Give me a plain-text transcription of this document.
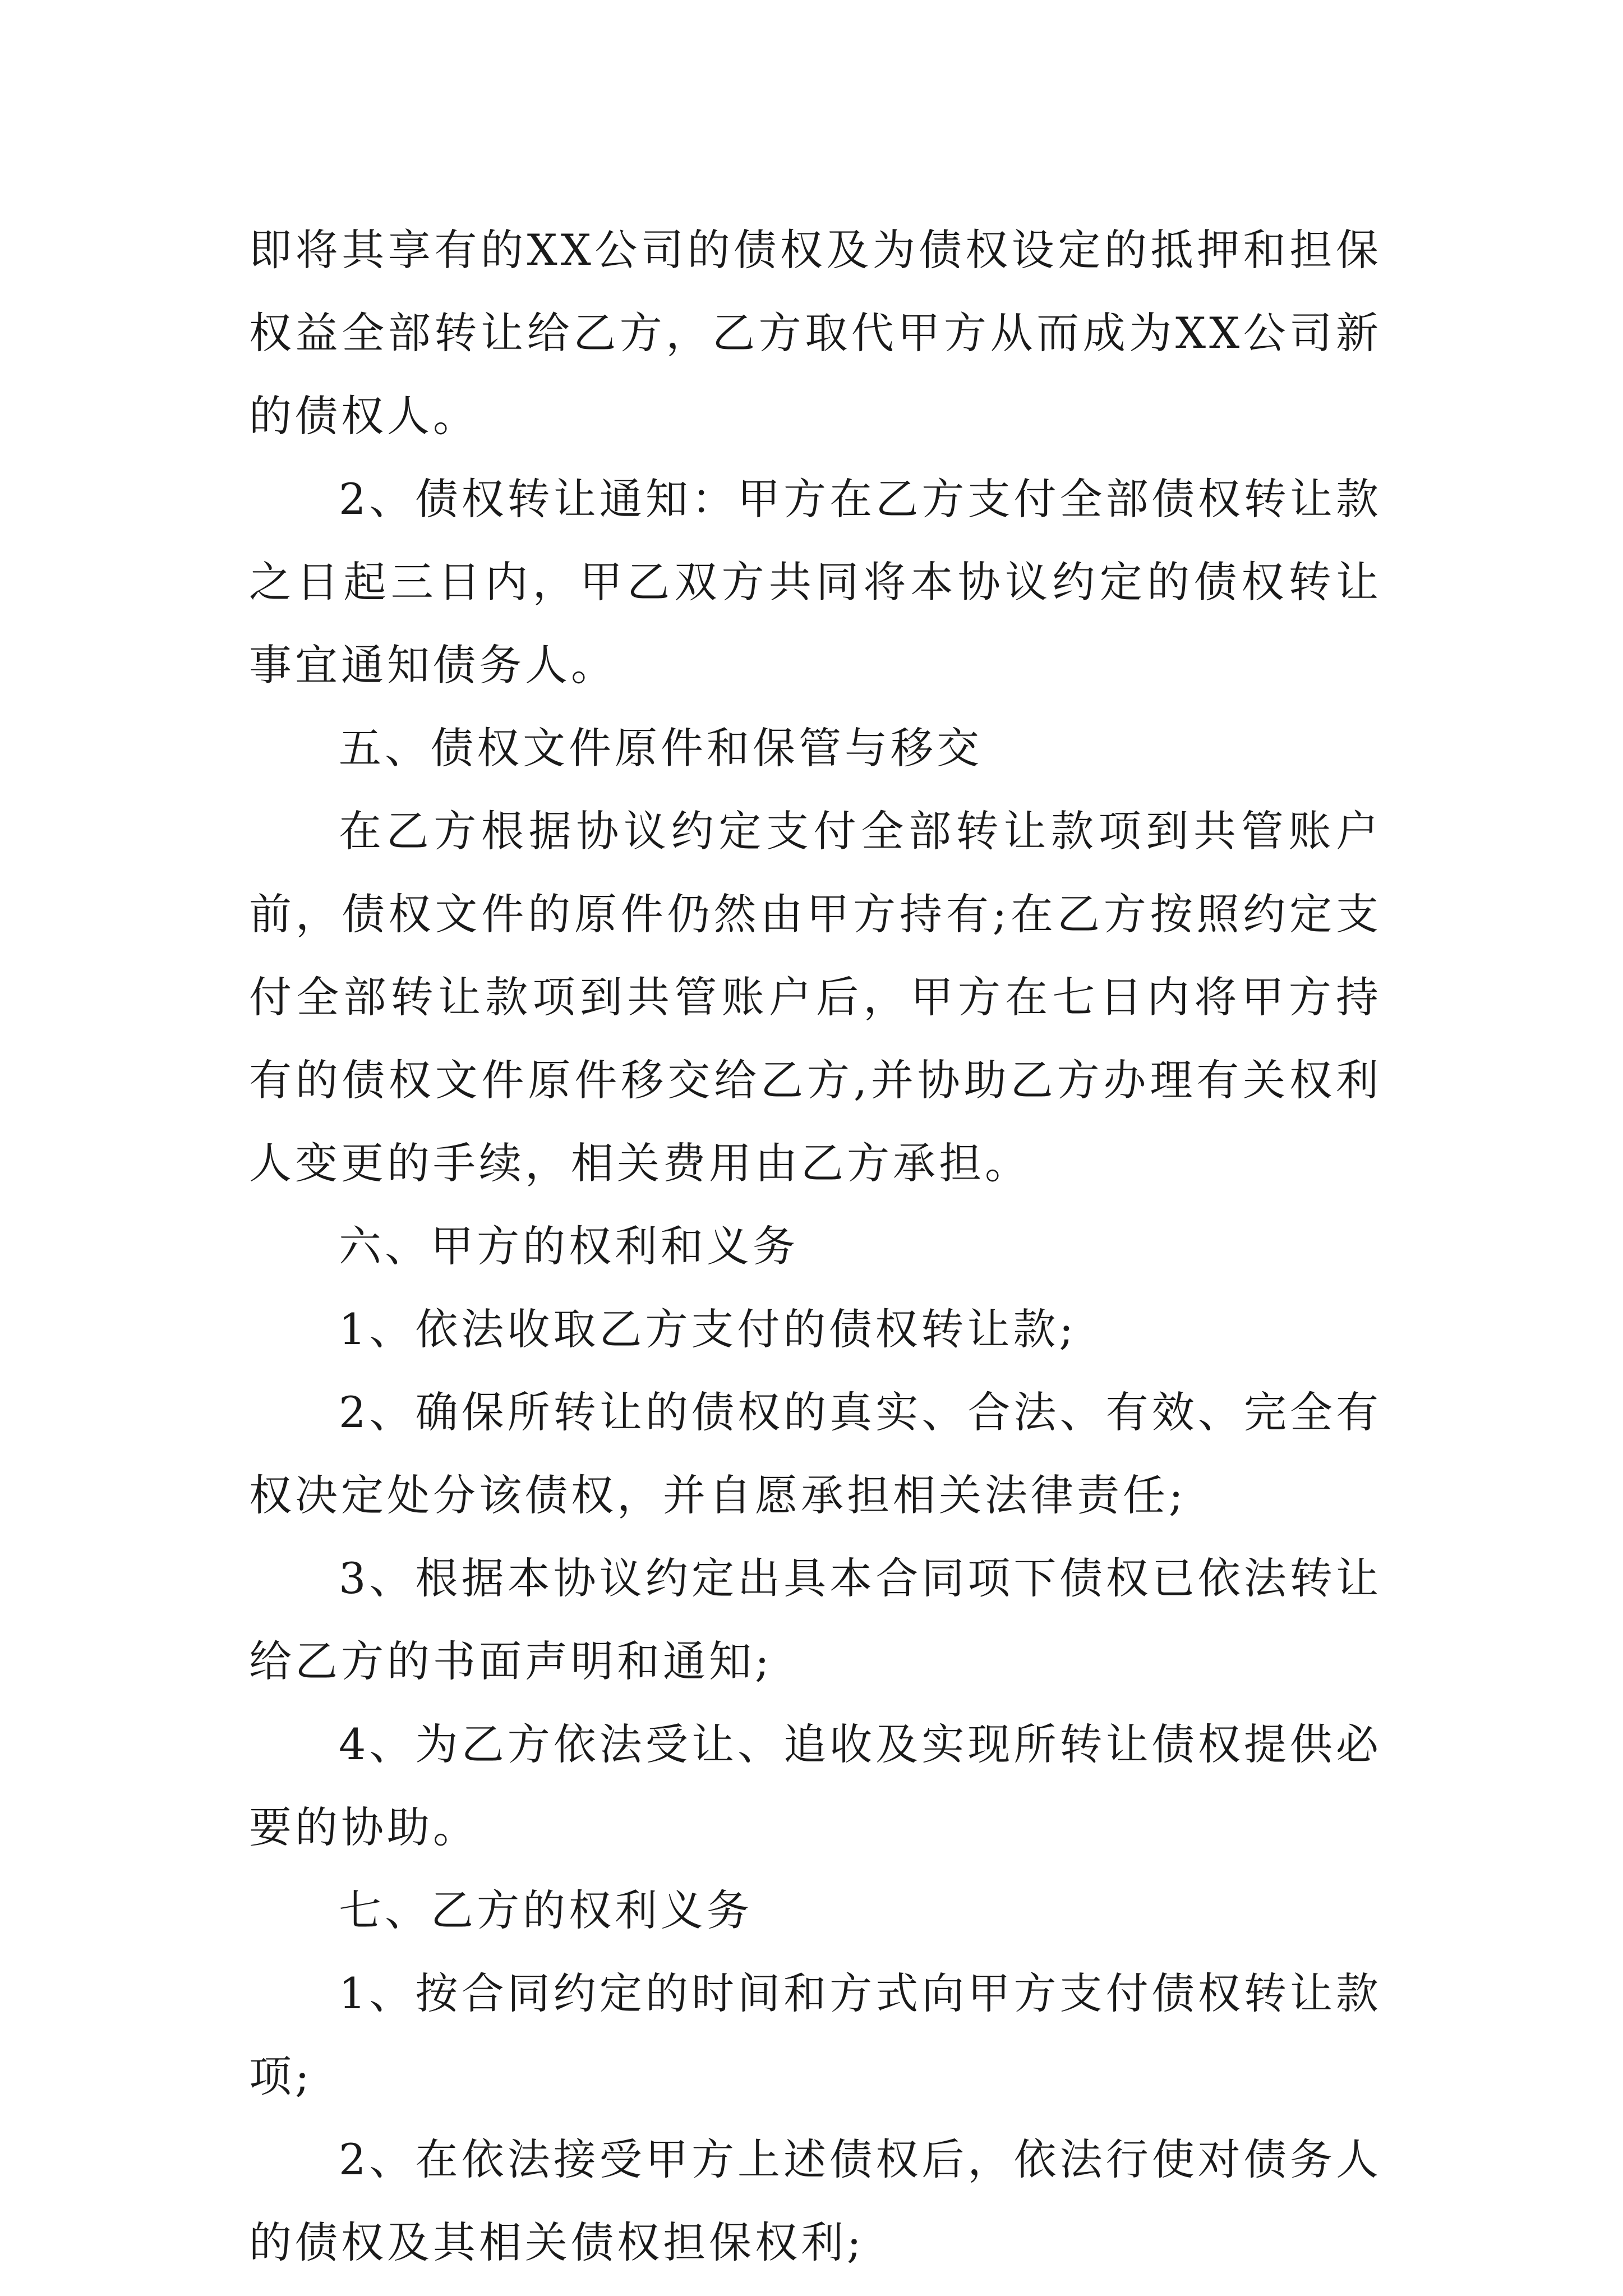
即将其享有的XX公司的债权及为债权设定的抵押和担保权益全部转让给乙方，乙方取代甲方从而成为XX公司新的债权人。

2、债权转让通知：甲方在乙方支付全部债权转让款之日起三日内，甲乙双方共同将本协议约定的债权转让事宜通知债务人。

五、债权文件原件和保管与移交

在乙方根据协议约定支付全部转让款项到共管账户前，债权文件的原件仍然由甲方持有;在乙方按照约定支付全部转让款项到共管账户后，甲方在七日内将甲方持有的债权文件原件移交给乙方,并协助乙方办理有关权利人变更的手续，相关费用由乙方承担。

六、甲方的权利和义务

1、依法收取乙方支付的债权转让款;

2、确保所转让的债权的真实、合法、有效、完全有权决定处分该债权，并自愿承担相关法律责任;

3、根据本协议约定出具本合同项下债权已依法转让给乙方的书面声明和通知;

4、为乙方依法受让、追收及实现所转让债权提供必要的协助。

七、乙方的权利义务

1、按合同约定的时间和方式向甲方支付债权转让款项;

2、在依法接受甲方上述债权后，依法行使对债务人的债权及其相关债权担保权利;
